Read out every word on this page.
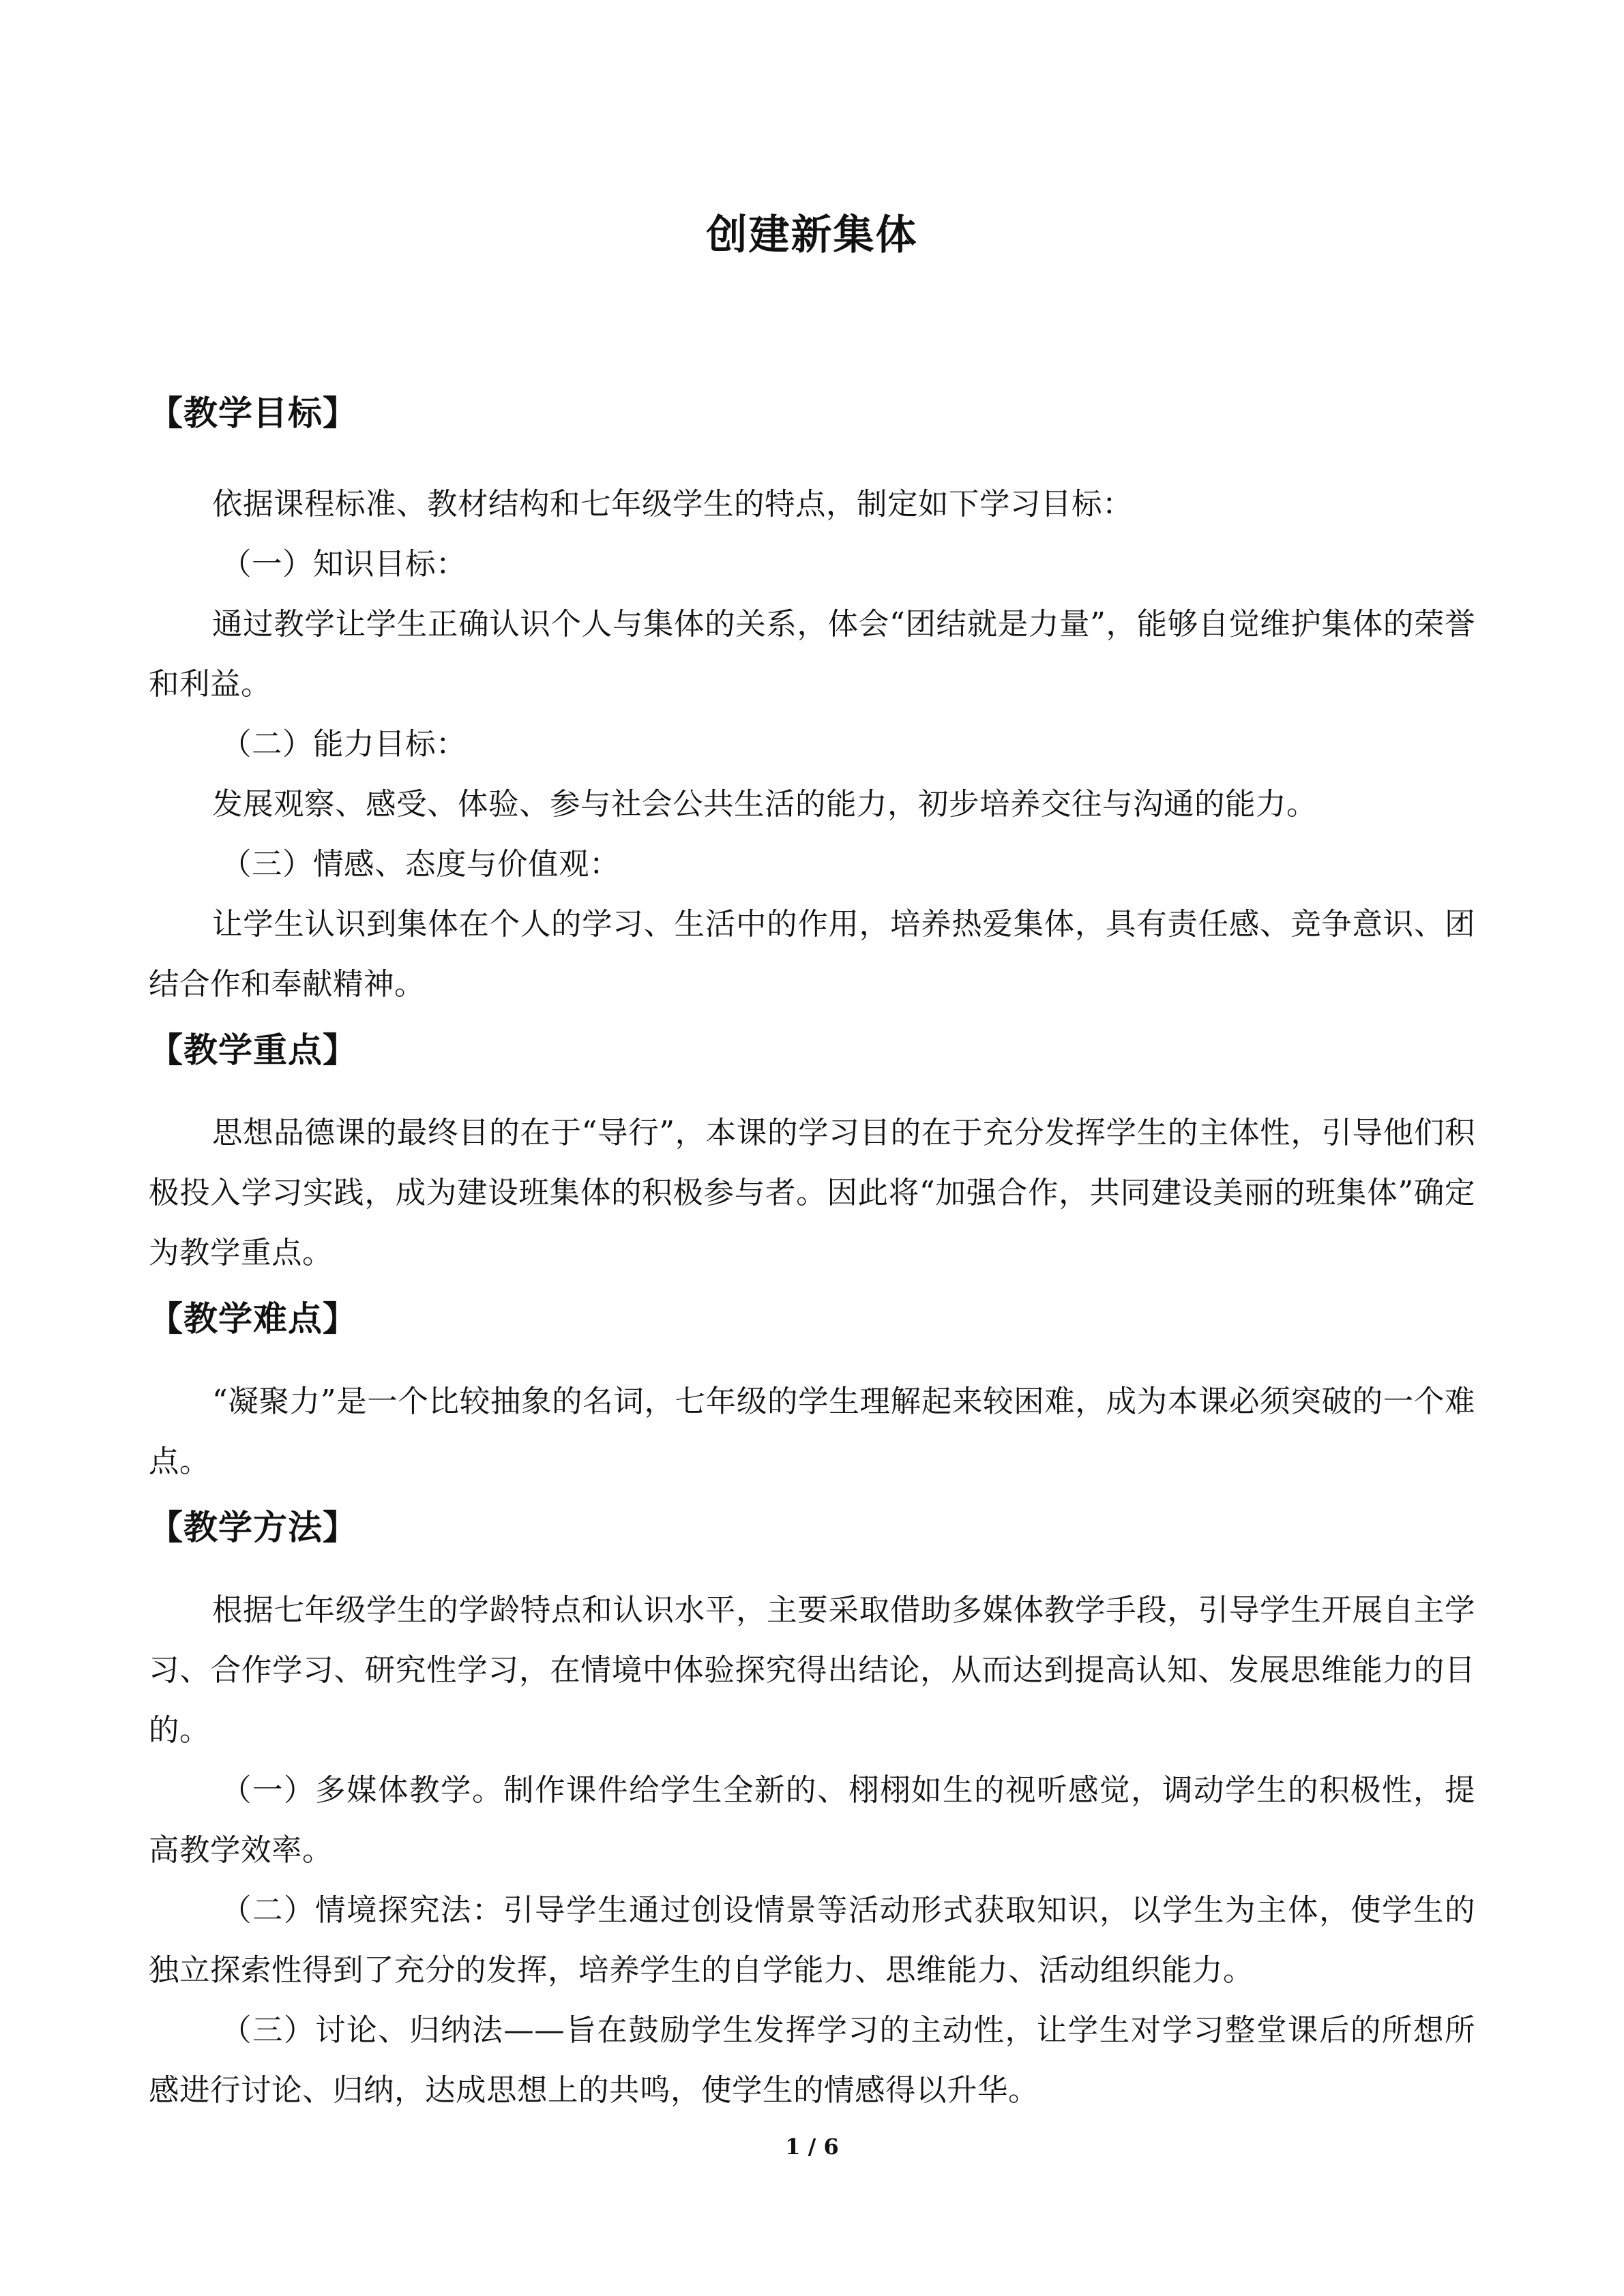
创建新集体
【教学目标】

依据课程标准、教材结构和七年级学生的特点，制定如下学习目标：

（一）知识目标：

通过教学让学生正确认识个人与集体的关系，体会“团结就是力量”，能够自觉维护集体的荣誉和利益。

（二）能力目标：

发展观察、感受、体验、参与社会公共生活的能力，初步培养交往与沟通的能力。

（三）情感、态度与价值观：

让学生认识到集体在个人的学习、生活中的作用，培养热爱集体，具有责任感、竞争意识、团结合作和奉献精神。

【教学重点】

思想品德课的最终目的在于“导行”，本课的学习目的在于充分发挥学生的主体性，引导他们积极投入学习实践，成为建设班集体的积极参与者。因此将“加强合作，共同建设美丽的班集体”确定为教学重点。

【教学难点】

“凝聚力”是一个比较抽象的名词，七年级的学生理解起来较困难，成为本课必须突破的一个难点。

【教学方法】

根据七年级学生的学龄特点和认识水平，主要采取借助多媒体教学手段，引导学生开展自主学习、合作学习、研究性学习，在情境中体验探究得出结论，从而达到提高认知、发展思维能力的目的。

（一）多媒体教学。制作课件给学生全新的、栩栩如生的视听感觉，调动学生的积极性，提高教学效率。

（二）情境探究法：引导学生通过创设情景等活动形式获取知识，以学生为主体，使学生的独立探索性得到了充分的发挥，培养学生的自学能力、思维能力、活动组织能力。

（三）讨论、归纳法——旨在鼓励学生发挥学习的主动性，让学生对学习整堂课后的所想所感进行讨论、归纳，达成思想上的共鸣，使学生的情感得以升华。

1 / 6
